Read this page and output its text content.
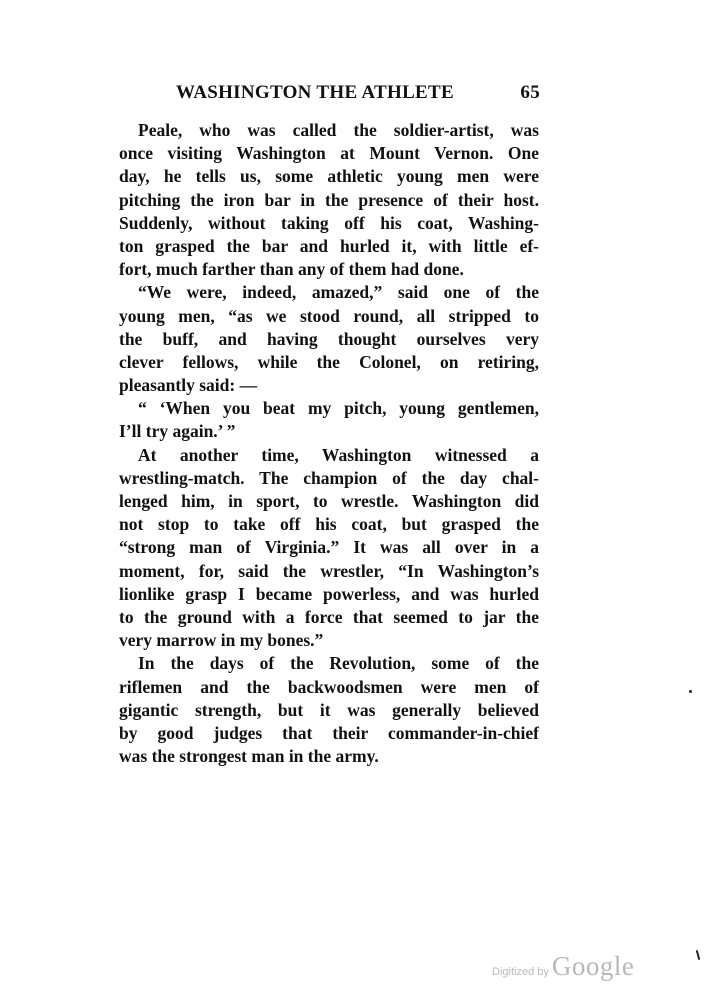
WASHINGTON THE ATHLETE	65
Peale, who was called the soldier-artist, was
once visiting Washington at Mount Vernon. One
day, he tells us, some athletic young men were
pitching the iron bar in the presence of their host.
Suddenly, without taking off his coat, Washing-
ton grasped the bar and hurled it, with little ef-
fort, much farther than any of them had done.
“We were, indeed, amazed,” said one of the
young men, “as we stood round, all stripped to
the buff, and having thought ourselves very
clever fellows, while the Colonel, on retiring,
pleasantly said: —
“ ‘When you beat my pitch, young gentlemen,
I’ll try again.’ ”
At another time, Washington witnessed a
wrestling-match. The champion of the day chal-
lenged him, in sport, to wrestle. Washington did
not stop to take off his coat, but grasped the
“strong man of Virginia.” It was all over in a
moment, for, said the wrestler, “In Washington’s
lionlike grasp I became powerless, and was hurled
to the ground with a force that seemed to jar the
very marrow in my bones.”
In the days of the Revolution, some of the
riflemen and the backwoodsmen were men of
gigantic strength, but it was generally believed
by good judges that their commander-in-chief
was the strongest man in the army.
Digitized by Google
